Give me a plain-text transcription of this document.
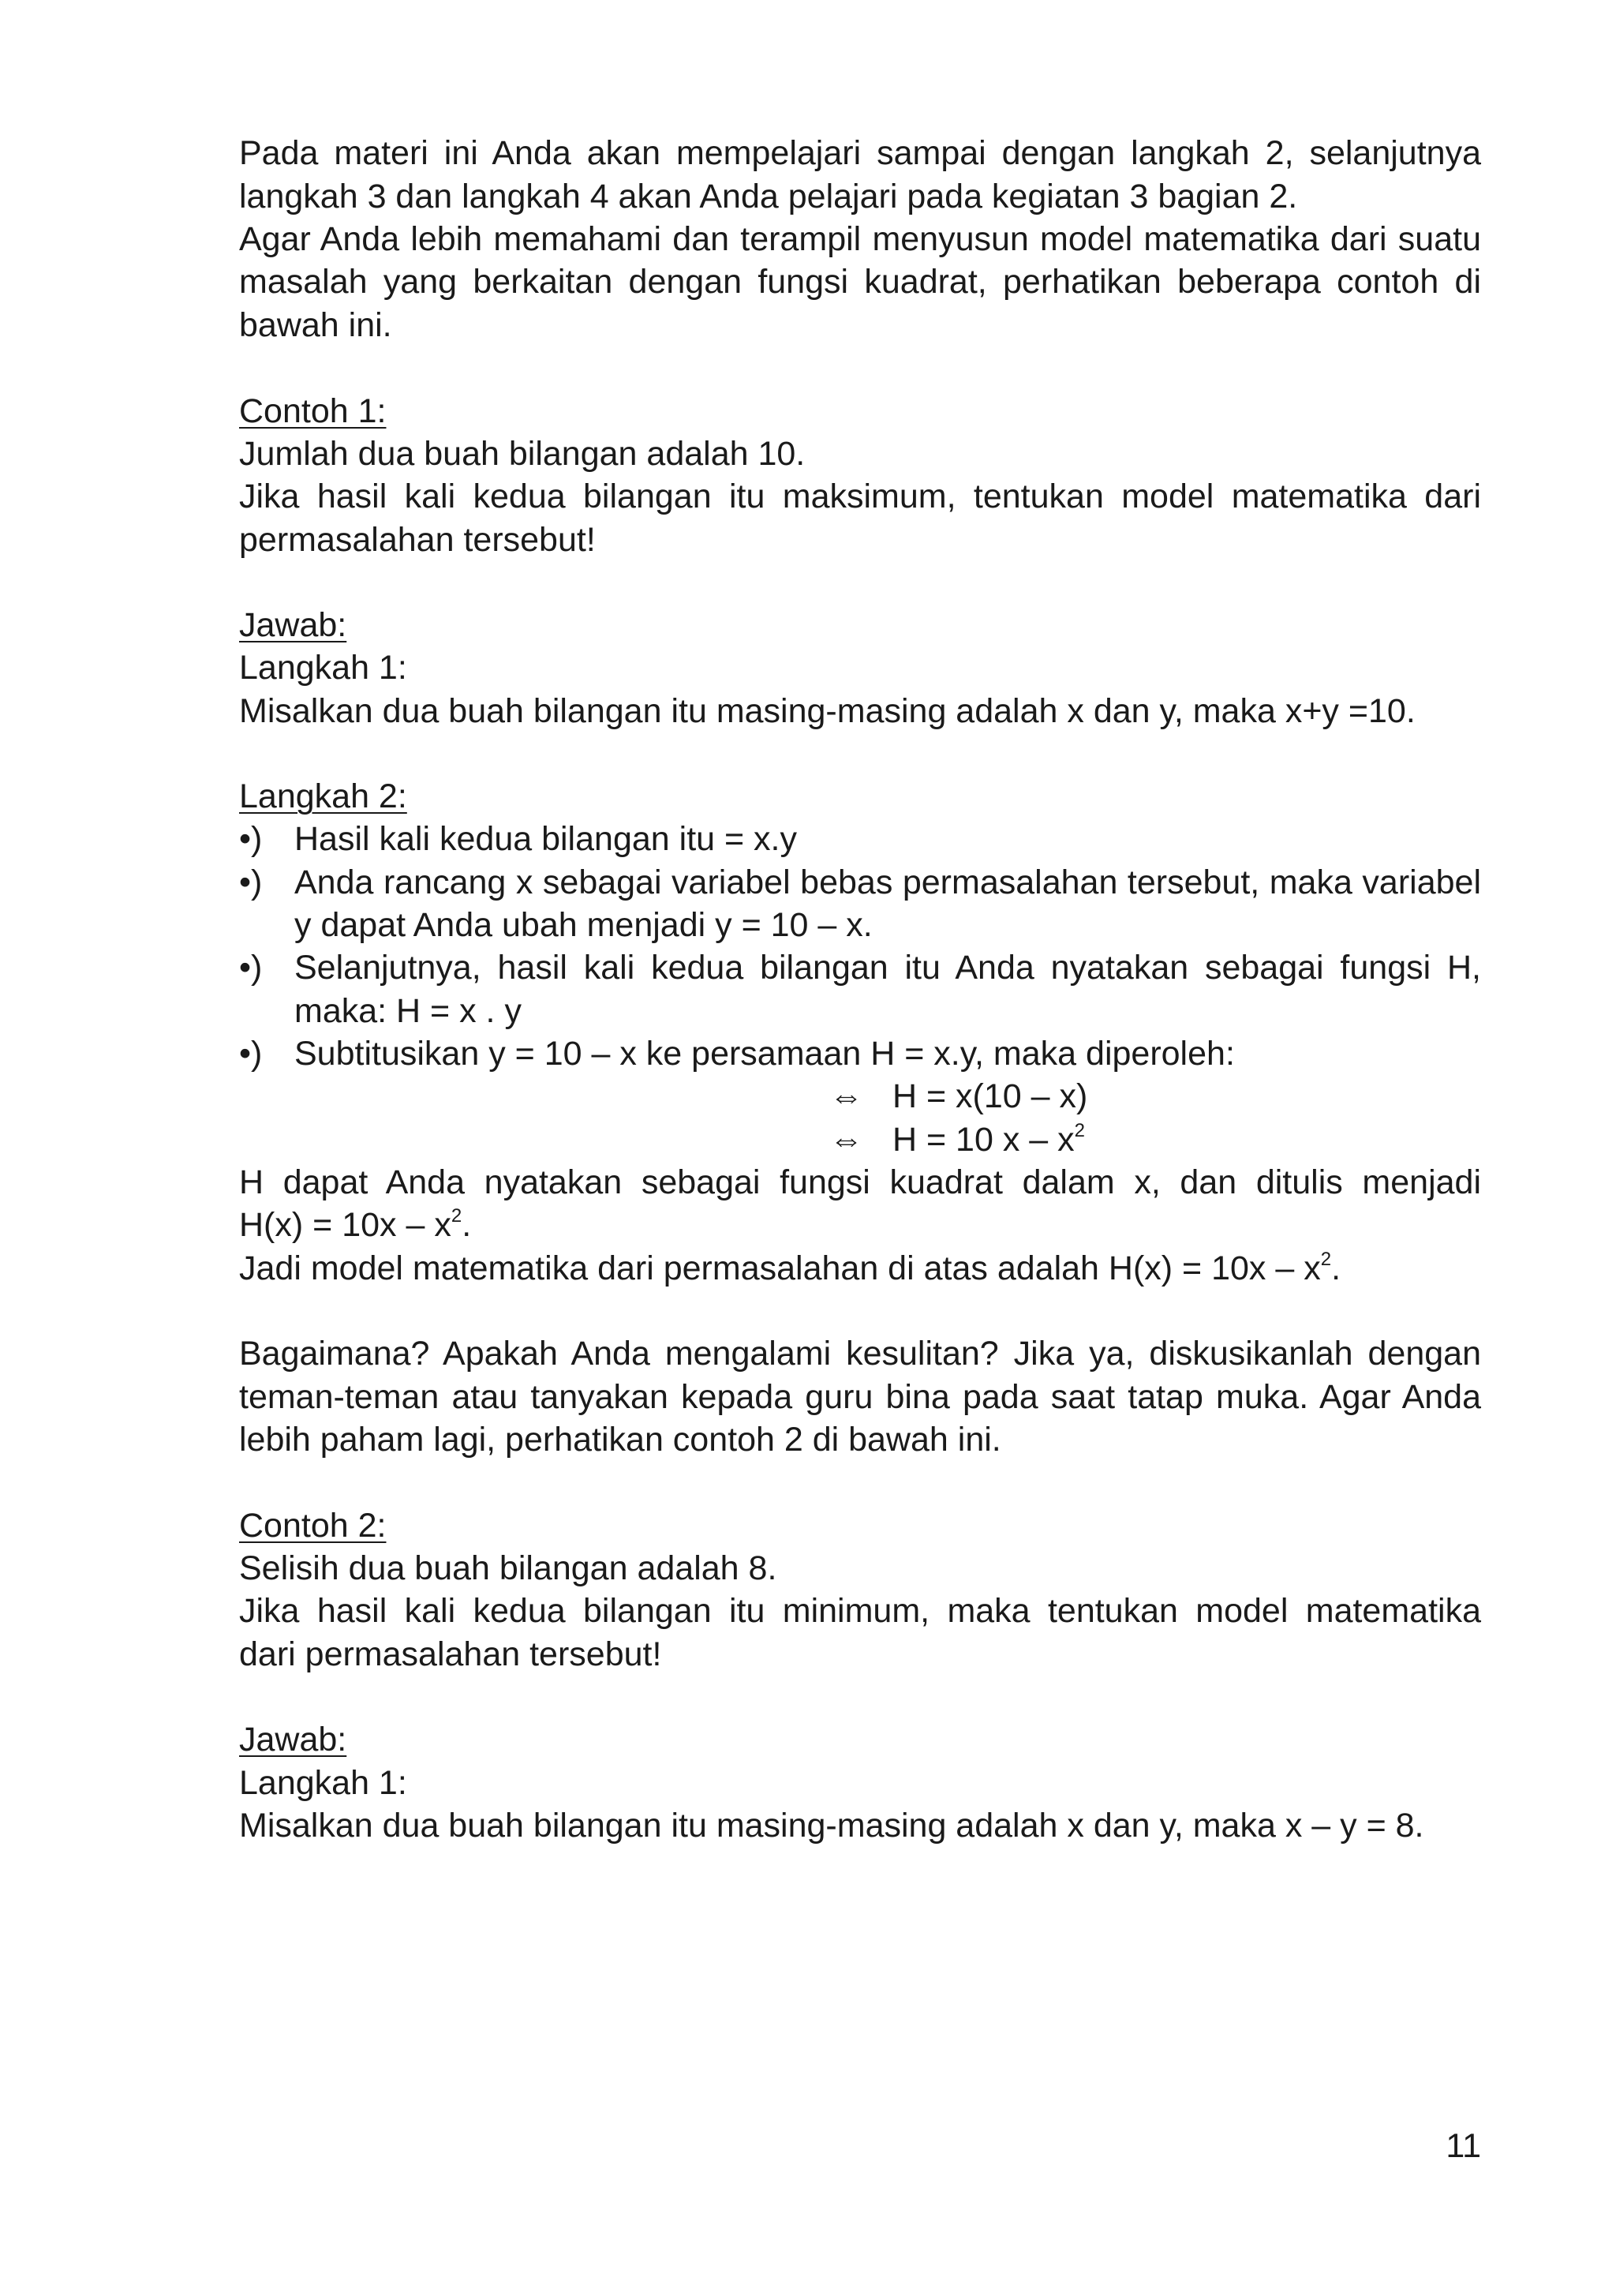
Pada materi ini Anda akan mempelajari sampai dengan langkah 2, selanjutnya
langkah 3 dan langkah 4 akan Anda pelajari pada kegiatan 3 bagian 2.
Agar Anda lebih memahami dan terampil menyusun model matematika dari suatu
masalah yang berkaitan dengan fungsi kuadrat, perhatikan beberapa contoh di
bawah ini.
Contoh 1:
Jumlah dua buah bilangan adalah 10.
Jika hasil kali kedua bilangan itu maksimum, tentukan model matematika dari
permasalahan tersebut!
Jawab:
Langkah 1:
Misalkan dua buah bilangan itu masing-masing adalah x dan y, maka x+y =10.
Langkah 2:
•) Hasil kali kedua bilangan itu = x.y
•) Anda rancang x sebagai variabel bebas permasalahan tersebut, maka variabel
y dapat Anda ubah menjadi y = 10 – x.
•) Selanjutnya, hasil kali kedua bilangan itu Anda nyatakan sebagai fungsi H,
maka: H = x . y
•) Subtitusikan y = 10 – x ke persamaan H = x.y, maka diperoleh:
⇔ H = x(10 – x)
⇔ H = 10 x – $x^2$
H dapat Anda nyatakan sebagai fungsi kuadrat dalam x, dan ditulis menjadi
$H(x) = 10x - x^2$.
Jadi model matematika dari permasalahan di atas adalah $H(x) = 10x - x^2$.
Bagaimana? Apakah Anda mengalami kesulitan? Jika ya, diskusikanlah dengan
teman-teman atau tanyakan kepada guru bina pada saat tatap muka. Agar Anda
lebih paham lagi, perhatikan contoh 2 di bawah ini.
Contoh 2:
Selisih dua buah bilangan adalah 8.
Jika hasil kali kedua bilangan itu minimum, maka tentukan model matematika
dari permasalahan tersebut!
Jawab:
Langkah 1:
Misalkan dua buah bilangan itu masing-masing adalah x dan y, maka x – y = 8.
11
